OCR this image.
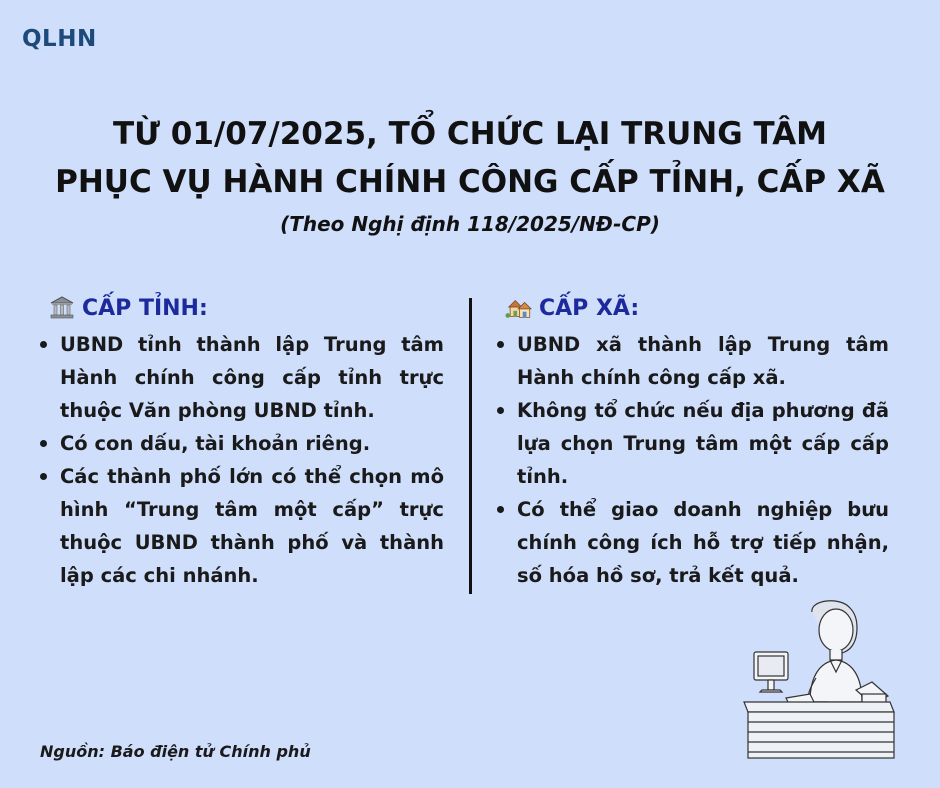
QLHN
TỪ 01/07/2025, TỔ CHỨC LẠI TRUNG TÂM
PHỤC VỤ HÀNH CHÍNH CÔNG CẤP TỈNH, CẤP XÃ
(Theo Nghị định 118/2025/NĐ-CP)
CẤP TỈNH:
UBND tỉnh thành lập Trung tâm Hành chính công cấp tỉnh trực thuộc Văn phòng UBND tỉnh.
Có con dấu, tài khoản riêng.
Các thành phố lớn có thể chọn mô hình “Trung tâm một cấp” trực thuộc UBND thành phố và thành lập các chi nhánh.
CẤP XÃ:
UBND xã thành lập Trung tâm Hành chính công cấp xã.
Không tổ chức nếu địa phương đã lựa chọn Trung tâm một cấp cấp tỉnh.
Có thể giao doanh nghiệp bưu chính công ích hỗ trợ tiếp nhận, số hóa hồ sơ, trả kết quả.
Nguồn: Báo điện tử Chính phủ
